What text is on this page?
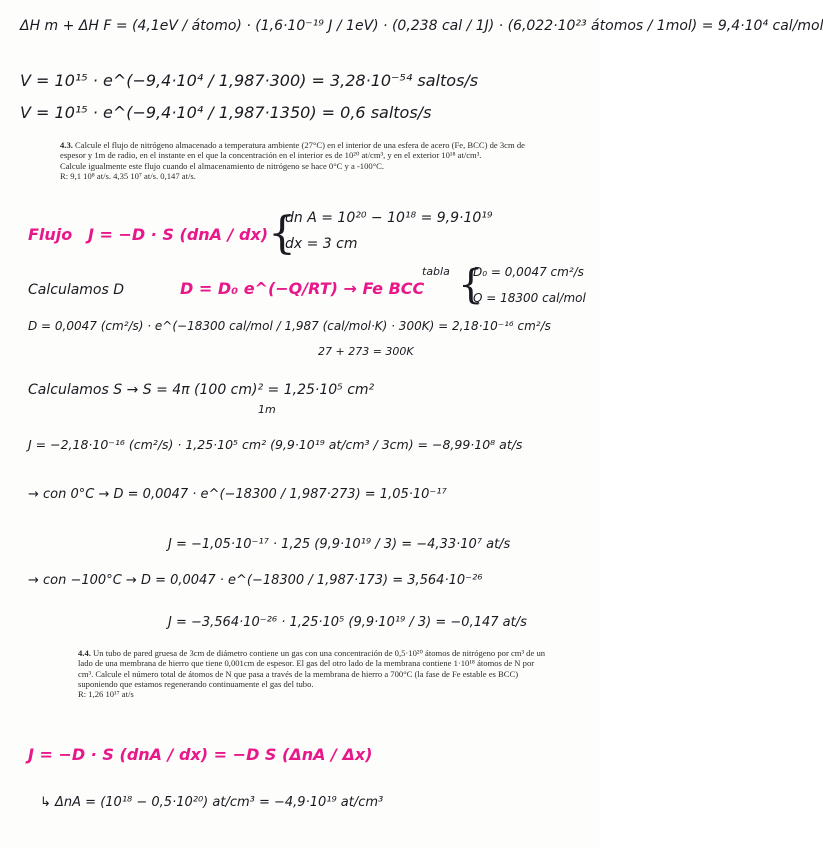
ΔH m + ΔH F = (4,1eV / átomo) · (1,6·10⁻¹⁹ J / 1eV) · (0,238 cal / 1J) · (6,022·10²³ átomos / 1mol) = 9,4·10⁴ cal/mol
V = 10¹⁵ · e^(−9,4·10⁴ / 1,987·300) = 3,28·10⁻⁵⁴ saltos/s
V = 10¹⁵ · e^(−9,4·10⁴ / 1,987·1350) = 0,6 saltos/s
4.3. Calcule el flujo de nitrógeno almacenado a temperatura ambiente (27°C) en el interior de una esfera de acero (Fe, BCC) de 3cm de espesor y 1m de radio, en el instante en el que la concentración en el interior es de 10²⁰ at/cm³, y en el exterior 10¹⁸ at/cm³.
Calcule igualmente este flujo cuando el almacenamiento de nitrógeno se hace 0°C y a -100°C.
R: 9,1 10⁸ at/s. 4,35 10⁷ at/s. 0,147 at/s.
Flujo J = −D · S (dnA / dx) {
dn A = 10²⁰ − 10¹⁸ = 9,9·10¹⁹
dx = 3 cm
Calculamos D	D = D₀ e^(−Q/RT) → Fe BCC
tabla {
D₀ = 0,0047 cm²/s
Q = 18300 cal/mol
D = 0,0047 (cm²/s) · e^(−18300 cal/mol / 1,987 (cal/mol·K) · 300K) = 2,18·10⁻¹⁶ cm²/s
27 + 273 = 300K
Calculamos S → S = 4π (100 cm)² = 1,25·10⁵ cm²
1m
J = −2,18·10⁻¹⁶ (cm²/s) · 1,25·10⁵ cm² (9,9·10¹⁹ at/cm³ / 3cm) = −8,99·10⁸ at/s
→ con 0°C → D = 0,0047 · e^(−18300 / 1,987·273) = 1,05·10⁻¹⁷
J = −1,05·10⁻¹⁷ · 1,25 (9,9·10¹⁹ / 3) = −4,33·10⁷ at/s
→ con −100°C → D = 0,0047 · e^(−18300 / 1,987·173) = 3,564·10⁻²⁶
J = −3,564·10⁻²⁶ · 1,25·10⁵ (9,9·10¹⁹ / 3) = −0,147 at/s
4.4. Un tubo de pared gruesa de 3cm de diámetro contiene un gas con una concentración de 0,5·10²⁰ átomos de nitrógeno por cm³ de un lado de una membrana de hierro que tiene 0,001cm de espesor. El gas del otro lado de la membrana contiene 1·10¹⁸ átomos de N por cm³. Calcule el número total de átomos de N que pasa a través de la membrana de hierro a 700°C (la fase de Fe estable es BCC) suponiendo que estamos regenerando continuamente el gas del tubo.
R: 1,26 10¹⁷ at/s
J = −D · S (dnA / dx) = −D S (ΔnA / Δx)
↳ ΔnA = (10¹⁸ − 0,5·10²⁰) at/cm³ = −4,9·10¹⁹ at/cm³
